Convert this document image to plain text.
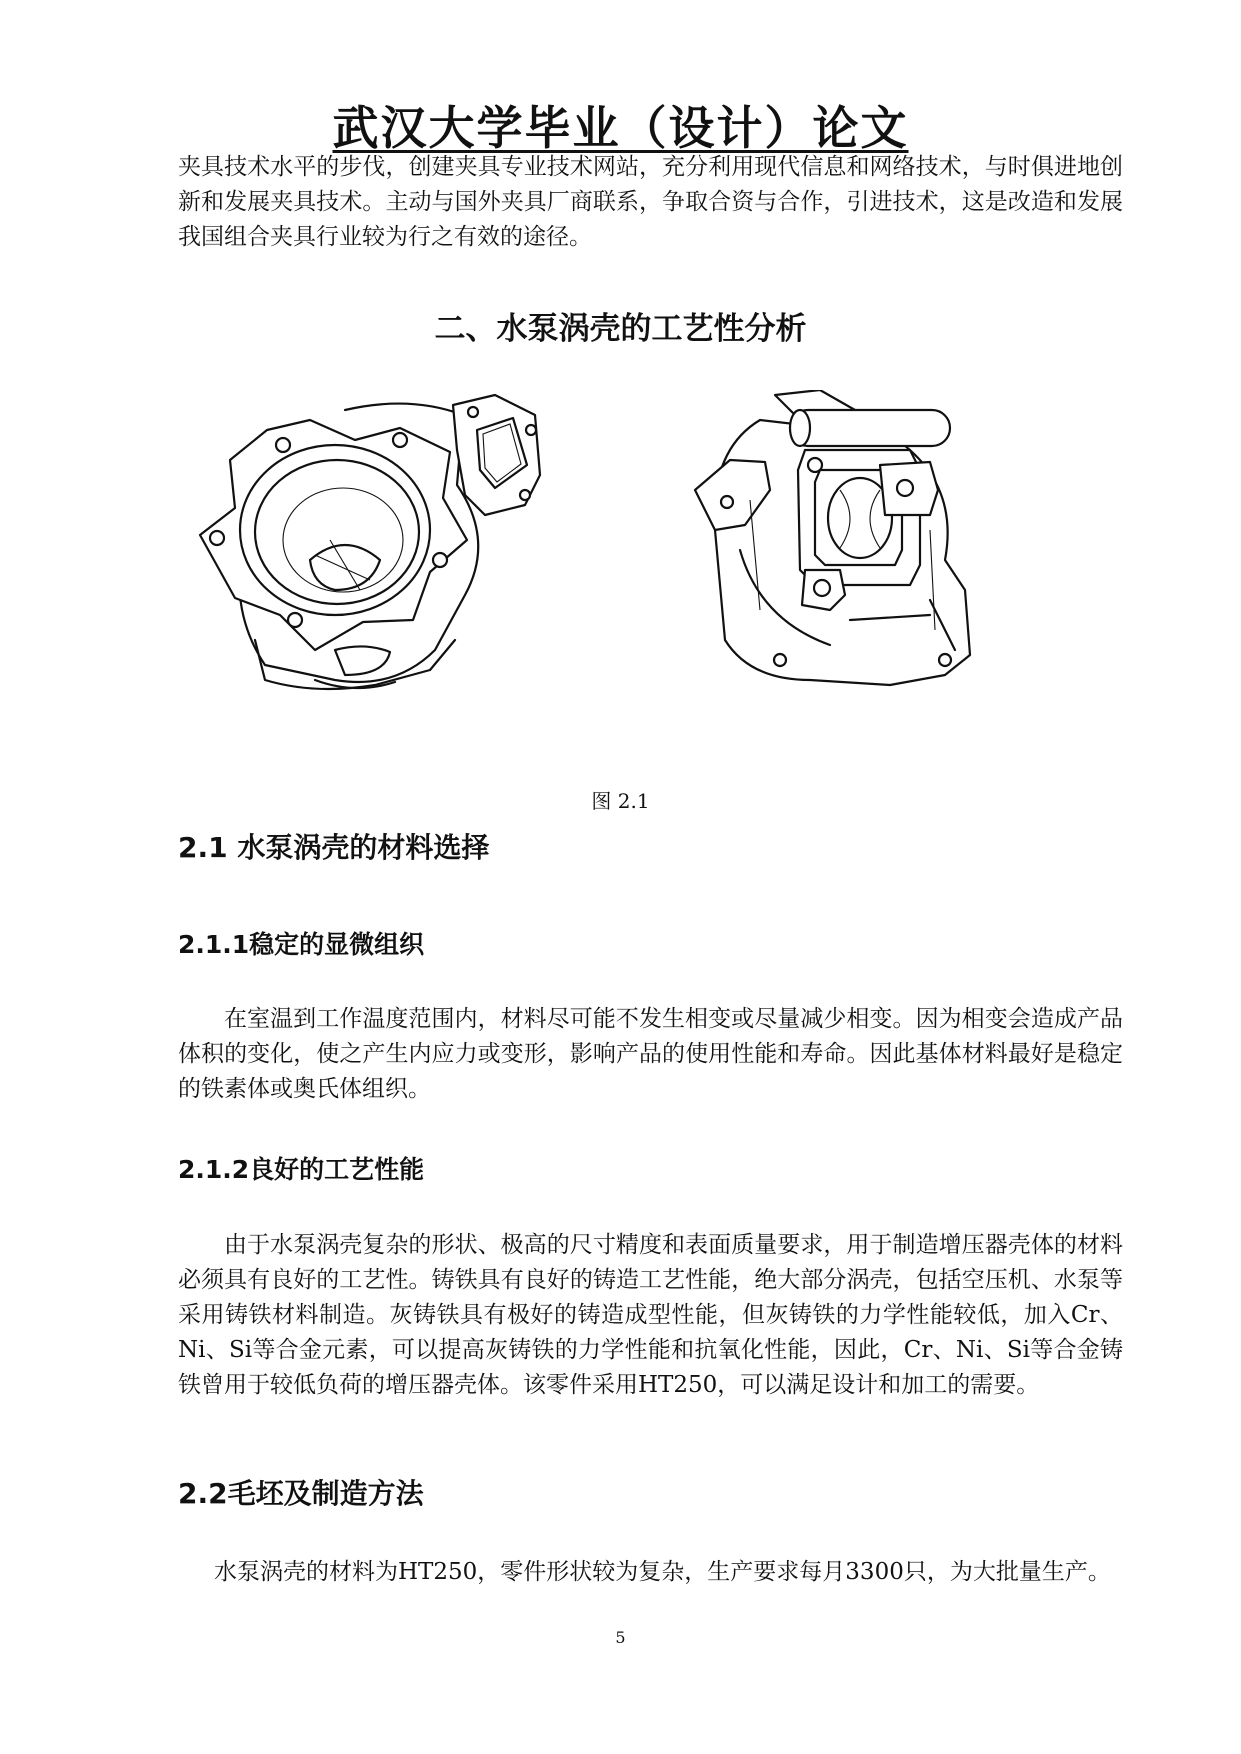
武汉大学毕业（设计）论文

夹具技术水平的步伐，创建夹具专业技术网站，充分利用现代信息和网络技术，与时俱进地创新和发展夹具技术。主动与国外夹具厂商联系，争取合资与合作，引进技术，这是改造和发展我国组合夹具行业较为行之有效的途径。

二、水泵涡壳的工艺性分析
图 2.1
2.1 水泵涡壳的材料选择
2.1.1稳定的显微组织

在室温到工作温度范围内，材料尽可能不发生相变或尽量减少相变。因为相变会造成产品体积的变化，使之产生内应力或变形，影响产品的使用性能和寿命。因此基体材料最好是稳定的铁素体或奥氏体组织。

2.1.2良好的工艺性能

由于水泵涡壳复杂的形状、极高的尺寸精度和表面质量要求，用于制造增压器壳体的材料必须具有良好的工艺性。铸铁具有良好的铸造工艺性能，绝大部分涡壳，包括空压机、水泵等采用铸铁材料制造。灰铸铁具有极好的铸造成型性能，但灰铸铁的力学性能较低，加入Cr、Ni、Si等合金元素，可以提高灰铸铁的力学性能和抗氧化性能，因此，Cr、Ni、Si等合金铸铁曾用于较低负荷的增压器壳体。该零件采用HT250，可以满足设计和加工的需要。

2.2毛坯及制造方法

水泵涡壳的材料为HT250，零件形状较为复杂，生产要求每月3300只，为大批量生产。

5
